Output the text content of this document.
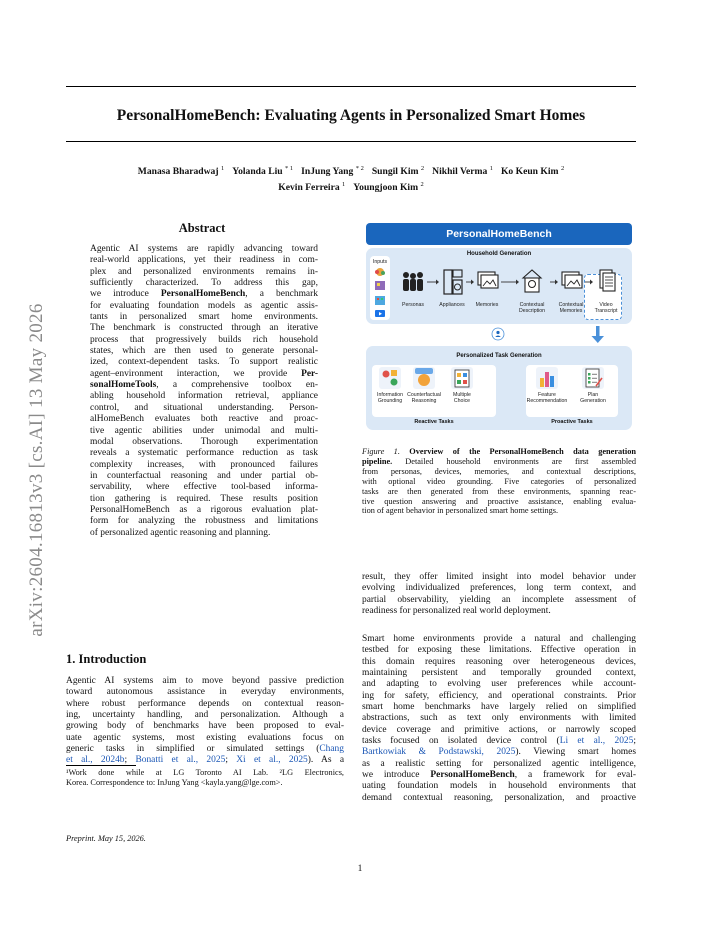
arXiv:2604.16813v3 [cs.AI] 13 May 2026
PersonalHomeBench: Evaluating Agents in Personalized Smart Homes
Manasa Bharadwaj $^1$ Yolanda Liu $^{* 1}$ InJung Yang $^{* 2}$ Sungil Kim $^2$ Nikhil Verma $^1$ Ko Keun Kim $^2$
Kevin Ferreira $^1$ Youngjoon Kim $^2$
Abstract
Agentic AI systems are rapidly advancing toward
real-world applications, yet their readiness in com-
plex and personalized environments remains in-
sufficiently characterized. To address this gap,
we introduce PersonalHomeBench, a benchmark
for evaluating foundation models as agentic assis-
tants in personalized smart home environments.
The benchmark is constructed through an iterative
process that progressively builds rich household
states, which are then used to generate personal-
ized, context-dependent tasks. To support realistic
agent–environment interaction, we provide Per-
sonalHomeTools, a comprehensive toolbox en-
abling household information retrieval, appliance
control, and situational understanding. Person-
alHomeBench evaluates both reactive and proac-
tive agentic abilities under unimodal and multi-
modal observations. Thorough experimentation
reveals a systematic performance reduction as task
complexity increases, with pronounced failures
in counterfactual reasoning and under partial ob-
servability, where effective tool-based informa-
tion gathering is required. These results position
PersonalHomeBench as a rigorous evaluation plat-
form for analyzing the robustness and limitations
of personalized agentic reasoning and planning.
1. Introduction
Agentic AI systems aim to move beyond passive prediction
toward autonomous assistance in everyday environments,
where robust performance depends on contextual reason-
ing, uncertainty handling, and personalization. Although a
growing body of benchmarks have been proposed to eval-
uate agentic systems, most existing evaluations focus on
generic tasks in simplified or simulated settings (Chang
et al., 2024b; Bonatti et al., 2025; Xi et al., 2025). As a
¹Work done while at LG Toronto AI Lab. ²LG Electronics,
Korea. Correspondence to: InJung Yang <kayla.yang@lge.com>.
Preprint. May 15, 2026.
1
PersonalHomeBench
Household Generation
Inputs
Personas	Appliances	Memories	Contextual
Description
Contextual
Memories
Video
Transcript
Personalized Task Generation
Information
Grounding
Counterfactual
Reasoning
Multiple
Choice
Feature
Recommendation
Plan
Generation
Reactive Tasks	Proactive Tasks
Figure 1. Overview of the PersonalHomeBench data generation
pipeline. Detailed household environments are first assembled
from personas, devices, memories, and contextual descriptions,
with optional video grounding. Five categories of personalized
tasks are then generated from these environments, spanning reac-
tive question answering and proactive assistance, enabling evalua-
tion of agent behavior in personalized smart home settings.
result, they offer limited insight into model behavior under
evolving individualized preferences, long term context, and
partial observability, yielding an incomplete assessment of
readiness for personalized real world deployment.
Smart home environments provide a natural and challenging
testbed for exposing these limitations. Effective operation in
this domain requires reasoning over heterogeneous devices,
maintaining persistent and temporally grounded context,
and adapting to evolving user preferences while account-
ing for safety, efficiency, and operational constraints. Prior
smart home benchmarks have largely relied on simplified
abstractions, such as text only environments with limited
device coverage and primitive actions, or narrowly scoped
tasks focused on isolated device control (Li et al., 2025;
Bartkowiak & Podstawski, 2025). Viewing smart homes
as a realistic setting for personalized agentic intelligence,
we introduce PersonalHomeBench, a framework for eval-
uating foundation models in household environments that
demand contextual reasoning, personalization, and proactive
